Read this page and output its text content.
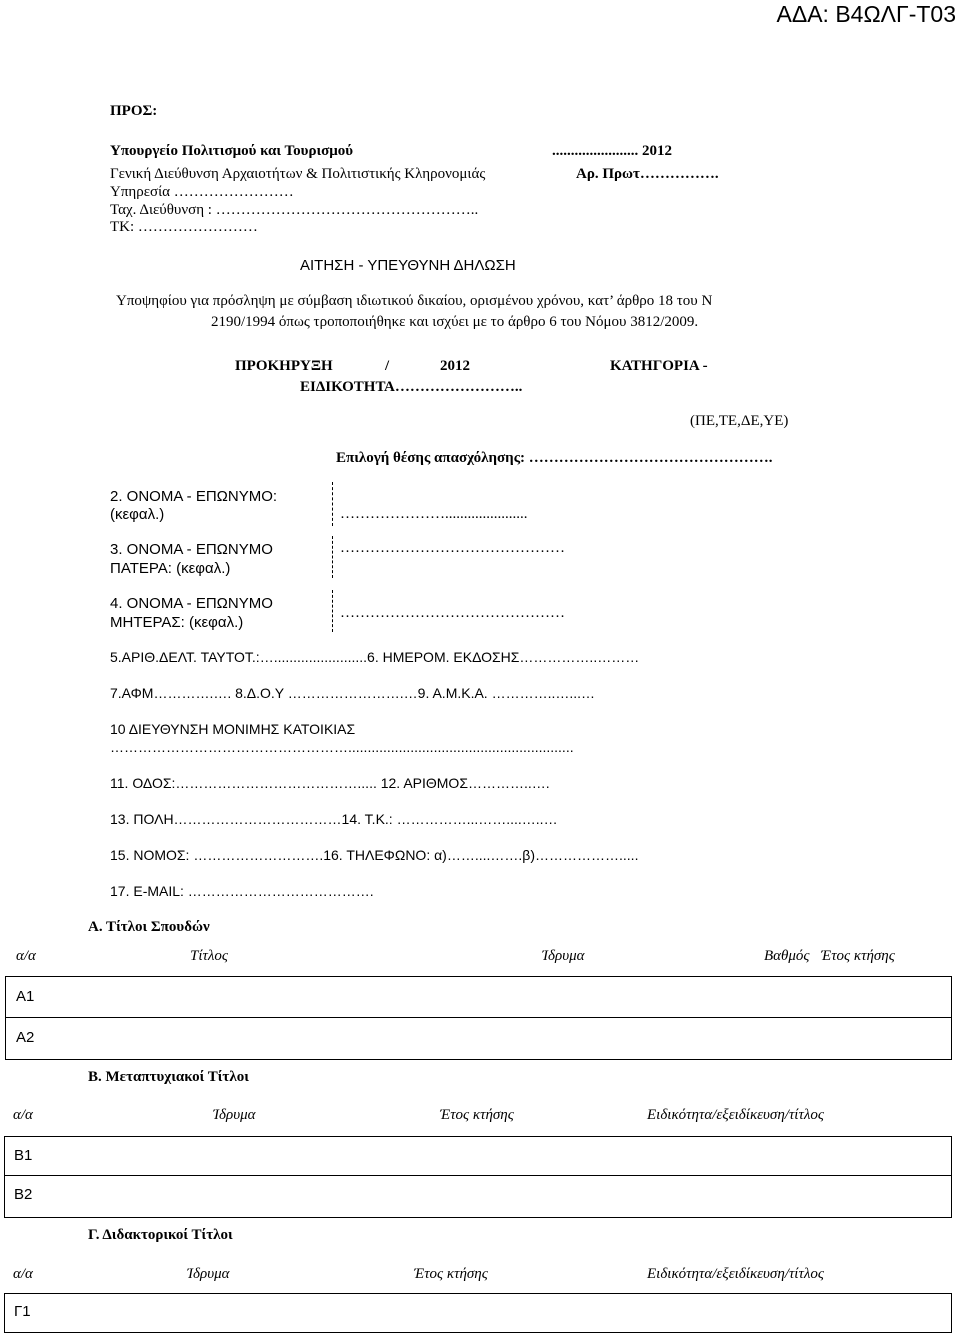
ΑΔΑ: Β4ΩΛΓ-Τ03
ΠΡΟΣ:
Υπουργείο Πολιτισμού και Τουρισμού	....................... 2012
Γενική Διεύθυνση Αρχαιοτήτων & Πολιτιστικής Κληρονομιάς	Αρ. Πρωτ…………….
Υπηρεσία ……………………
Ταχ. Διεύθυνση : ……………………………………………..
ΤΚ: ……………………
ΑΙΤΗΣΗ - ΥΠΕΥΘΥΝΗ ΔΗΛΩΣΗ
Υποψηφίου για πρόσληψη με σύμβαση ιδιωτικού δικαίου, ορισμένου χρόνου, κατ’ άρθρο 18 του Ν
2190/1994 όπως τροποποιήθηκε και ισχύει με το άρθρο 6 του Νόμου 3812/2009.
ΠΡΟΚΗΡΥΞΗ	/	2012	ΚΑΤΗΓΟΡΙΑ -
ΕΙΔΙΚΟΤΗΤΑ……………………..
(ΠΕ,ΤΕ,ΔΕ,ΥΕ)
Επιλογή θέσης απασχόλησης: ………………………………………….
2. ΟΝΟΜΑ - ΕΠΩΝΥΜΟ:
(κεφαλ.)	…………………......................
3. ΟΝΟΜΑ - ΕΠΩΝΥΜΟ
ΠΑΤΕΡΑ: (κεφαλ.)
………………………………………
4. ΟΝΟΜΑ - ΕΠΩΝΥΜΟ
ΜΗΤΕΡΑΣ: (κεφαλ.)
………………………………………
5.ΑΡΙΘ.ΔΕΛΤ. ΤΑΥΤΟΤ.:…........................6. ΗΜΕΡΟΜ. ΕΚΔΟΣΗΣ……………..………
7.ΑΦΜ………….…. 8.Δ.Ο.Υ …………………….…9. Α.Μ.Κ.Α. …………..…...…
10 ΔΙΕΥΘΥΝΣΗ ΜΟΝΙΜΗΣ ΚΑΤΟΙΚΙΑΣ
……………………………………………..........................................................
11. ΟΔΟΣ:…………………………………..... 12. ΑΡΙΘΜΟΣ…………..….
13. ΠΟΛΗ………………………………14. Τ.Κ.: ……………...……....…..…
15. ΝΟΜΟΣ: ……………………….16. ΤΗΛΕΦΩΝΟ: α)……....…….β)……………….....
17. E-MAIL: ………………………………….
Α. Τίτλοι Σπουδών
α/α	Τίτλος	Ίδρυμα	Βαθμός Έτος κτήσης
Α1
Α2
Β. Μεταπτυχιακοί Τίτλοι
α/α	Ίδρυμα	Έτος κτήσης	Ειδικότητα/εξειδίκευση/τίτλος
Β1
Β2
Γ. Διδακτορικοί Τίτλοι
α/α	Ίδρυμα	Έτος κτήσης	Ειδικότητα/εξειδίκευση/τίτλος
Γ1
